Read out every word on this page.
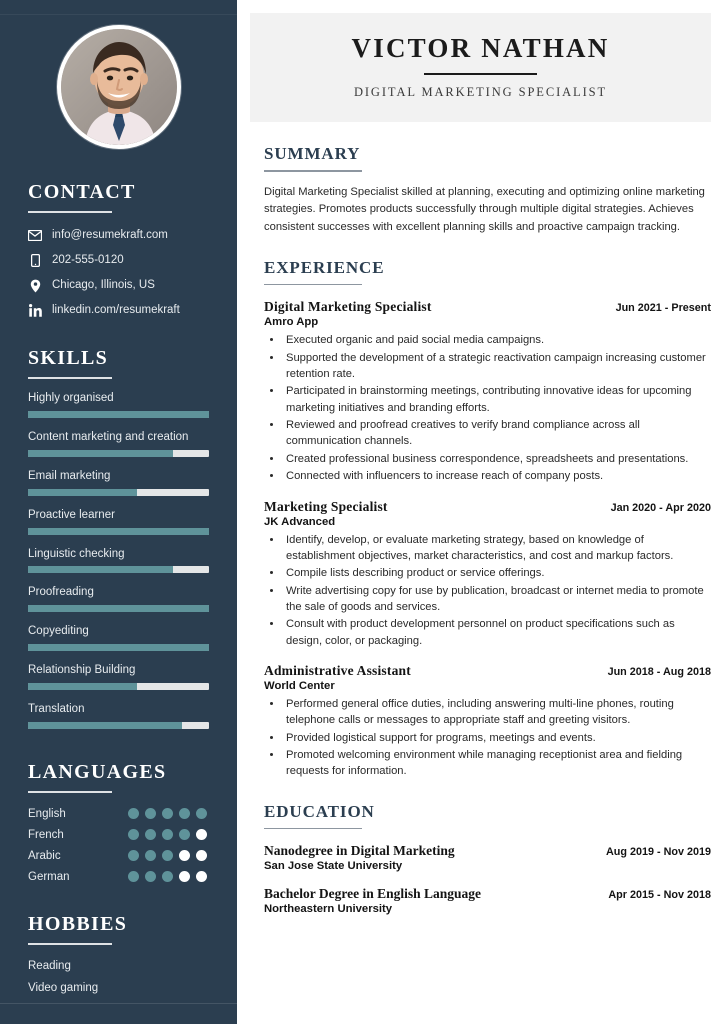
CONTACT
info@resumekraft.com
202-555-0120
Chicago, Illinois, US
linkedin.com/resumekraft
SKILLS
Highly organised
Content marketing and creation
Email marketing
Proactive learner
Linguistic checking
Proofreading
Copyediting
Relationship Building
Translation
LANGUAGES
English
French
Arabic
German
HOBBIES
Reading
Video gaming
VICTOR NATHAN
DIGITAL MARKETING SPECIALIST
SUMMARY

Digital Marketing Specialist skilled at planning, executing and optimizing online marketing strategies. Promotes products successfully through multiple digital strategies. Achieves consistent successes with excellent planning skills and proactive campaign tracking.

EXPERIENCE
Digital Marketing Specialist	Jun 2021 - Present
Amro App
• Executed organic and paid social media campaigns.
• Supported the development of a strategic reactivation campaign increasing customer retention rate.
• Participated in brainstorming meetings, contributing innovative ideas for upcoming marketing initiatives and branding efforts.
• Reviewed and proofread creatives to verify brand compliance across all communication channels.
• Created professional business correspondence, spreadsheets and presentations.
• Connected with influencers to increase reach of company posts.
Marketing Specialist	Jan 2020 - Apr 2020
JK Advanced
• Identify, develop, or evaluate marketing strategy, based on knowledge of establishment objectives, market characteristics, and cost and markup factors.
• Compile lists describing product or service offerings.
• Write advertising copy for use by publication, broadcast or internet media to promote the sale of goods and services.
• Consult with product development personnel on product specifications such as design, color, or packaging.
Administrative Assistant	Jun 2018 - Aug 2018
World Center
• Performed general office duties, including answering multi-line phones, routing telephone calls or messages to appropriate staff and greeting visitors.
• Provided logistical support for programs, meetings and events.
• Promoted welcoming environment while managing receptionist area and fielding requests for information.
EDUCATION
Nanodegree in Digital Marketing	Aug 2019 - Nov 2019
San Jose State University
Bachelor Degree in English Language	Apr 2015 - Nov 2018
Northeastern University
